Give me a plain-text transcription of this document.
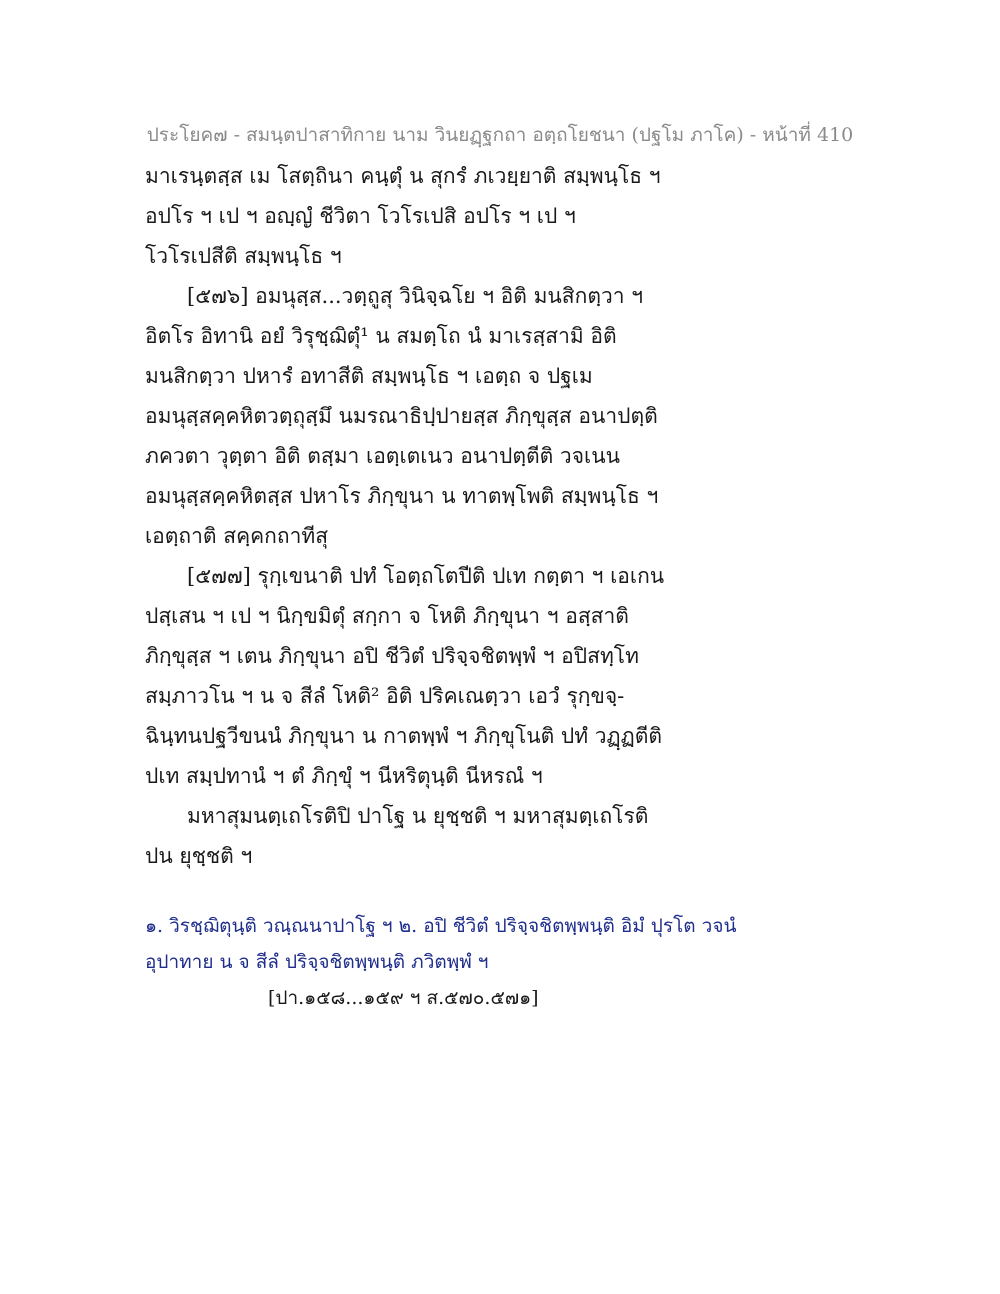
ประโยค๗ - สมนฺตปาสาทิกาย นาม วินยฏฺฐกถา อตฺถโยชนา (ปฐโม ภาโค) - หน้าที่ 410
มาเรนฺตสฺส เม โสตฺถินา คนฺตุํ น สุกรํ ภเวยฺยาติ สมฺพนฺโธ ฯ
อปโร ฯ เป ฯ อญฺญํ ชีวิตา โวโรเปสิ อปโร ฯ เป ฯ
โวโรเปสีติ สมฺพนฺโธ ฯ
[๕๗๖] อมนุสฺส...วตฺถูสุ วินิจฺฉโย ฯ อิติ มนสิกตฺวา ฯ
อิตโร อิทานิ อยํ วิรุชฺฌิตุํ¹ น สมตฺโถ นํ มาเรสฺสามิ อิติ
มนสิกตฺวา ปหารํ อทาสีติ สมฺพนฺโธ ฯ เอตฺถ จ ปฐเม
อมนุสฺสคฺคหิตวตฺถุสฺมึ นมรณาธิปฺปายสฺส ภิกฺขุสฺส อนาปตฺติ
ภควตา วุตฺตา อิติ ตสฺมา เอตฺเตเนว อนาปตฺตีติ วจเนน
อมนุสฺสคฺคหิตสฺส ปหาโร ภิกฺขุนา น ทาตพฺโพติ สมฺพนฺโธ ฯ
เอตฺถาติ สคฺคกถาทีสุ
[๕๗๗] รุกฺเขนาติ ปทํ โอตฺถโตปีติ ปเท กตฺตา ฯ เอเกน
ปสฺเสน ฯ เป ฯ นิกฺขมิตุํ สกฺกา จ โหติ ภิกฺขุนา ฯ อสฺสาติ
ภิกฺขุสฺส ฯ เตน ภิกฺขุนา อปิ ชีวิตํ ปริจฺจชิตพฺพํ ฯ อปิสทฺโท
สมฺภาวโน ฯ น จ สีลํ โหติ² อิติ ปริคเณตฺวา เอวํ รุกฺขจฺ-
ฉินฺทนปฐวีขนนํ ภิกฺขุนา น กาตพฺพํ ฯ ภิกฺขุโนติ ปทํ วฏฺฏตีติ
ปเท สมฺปทานํ ฯ ตํ ภิกฺขุํ ฯ นีหริตุนฺติ นีหรณํ ฯ
มหาสุมนตฺเถโรติปิ ปาโฐ น ยุชฺชติ ฯ มหาสุมตฺเถโรติ
ปน ยุชฺชติ ฯ
๑. วิรชฺฌิตุนฺติ วณฺณนาปาโฐ ฯ ๒. อปิ ชีวิตํ ปริจฺจชิตพฺพนฺติ อิมํ ปุรโต วจนํ
อุปาทาย น จ สีลํ ปริจฺจชิตพฺพนฺติ ภวิตพฺพํ ฯ
[ปา.๑๕๘...๑๕๙ ฯ ส.๕๗๐.๕๗๑]
